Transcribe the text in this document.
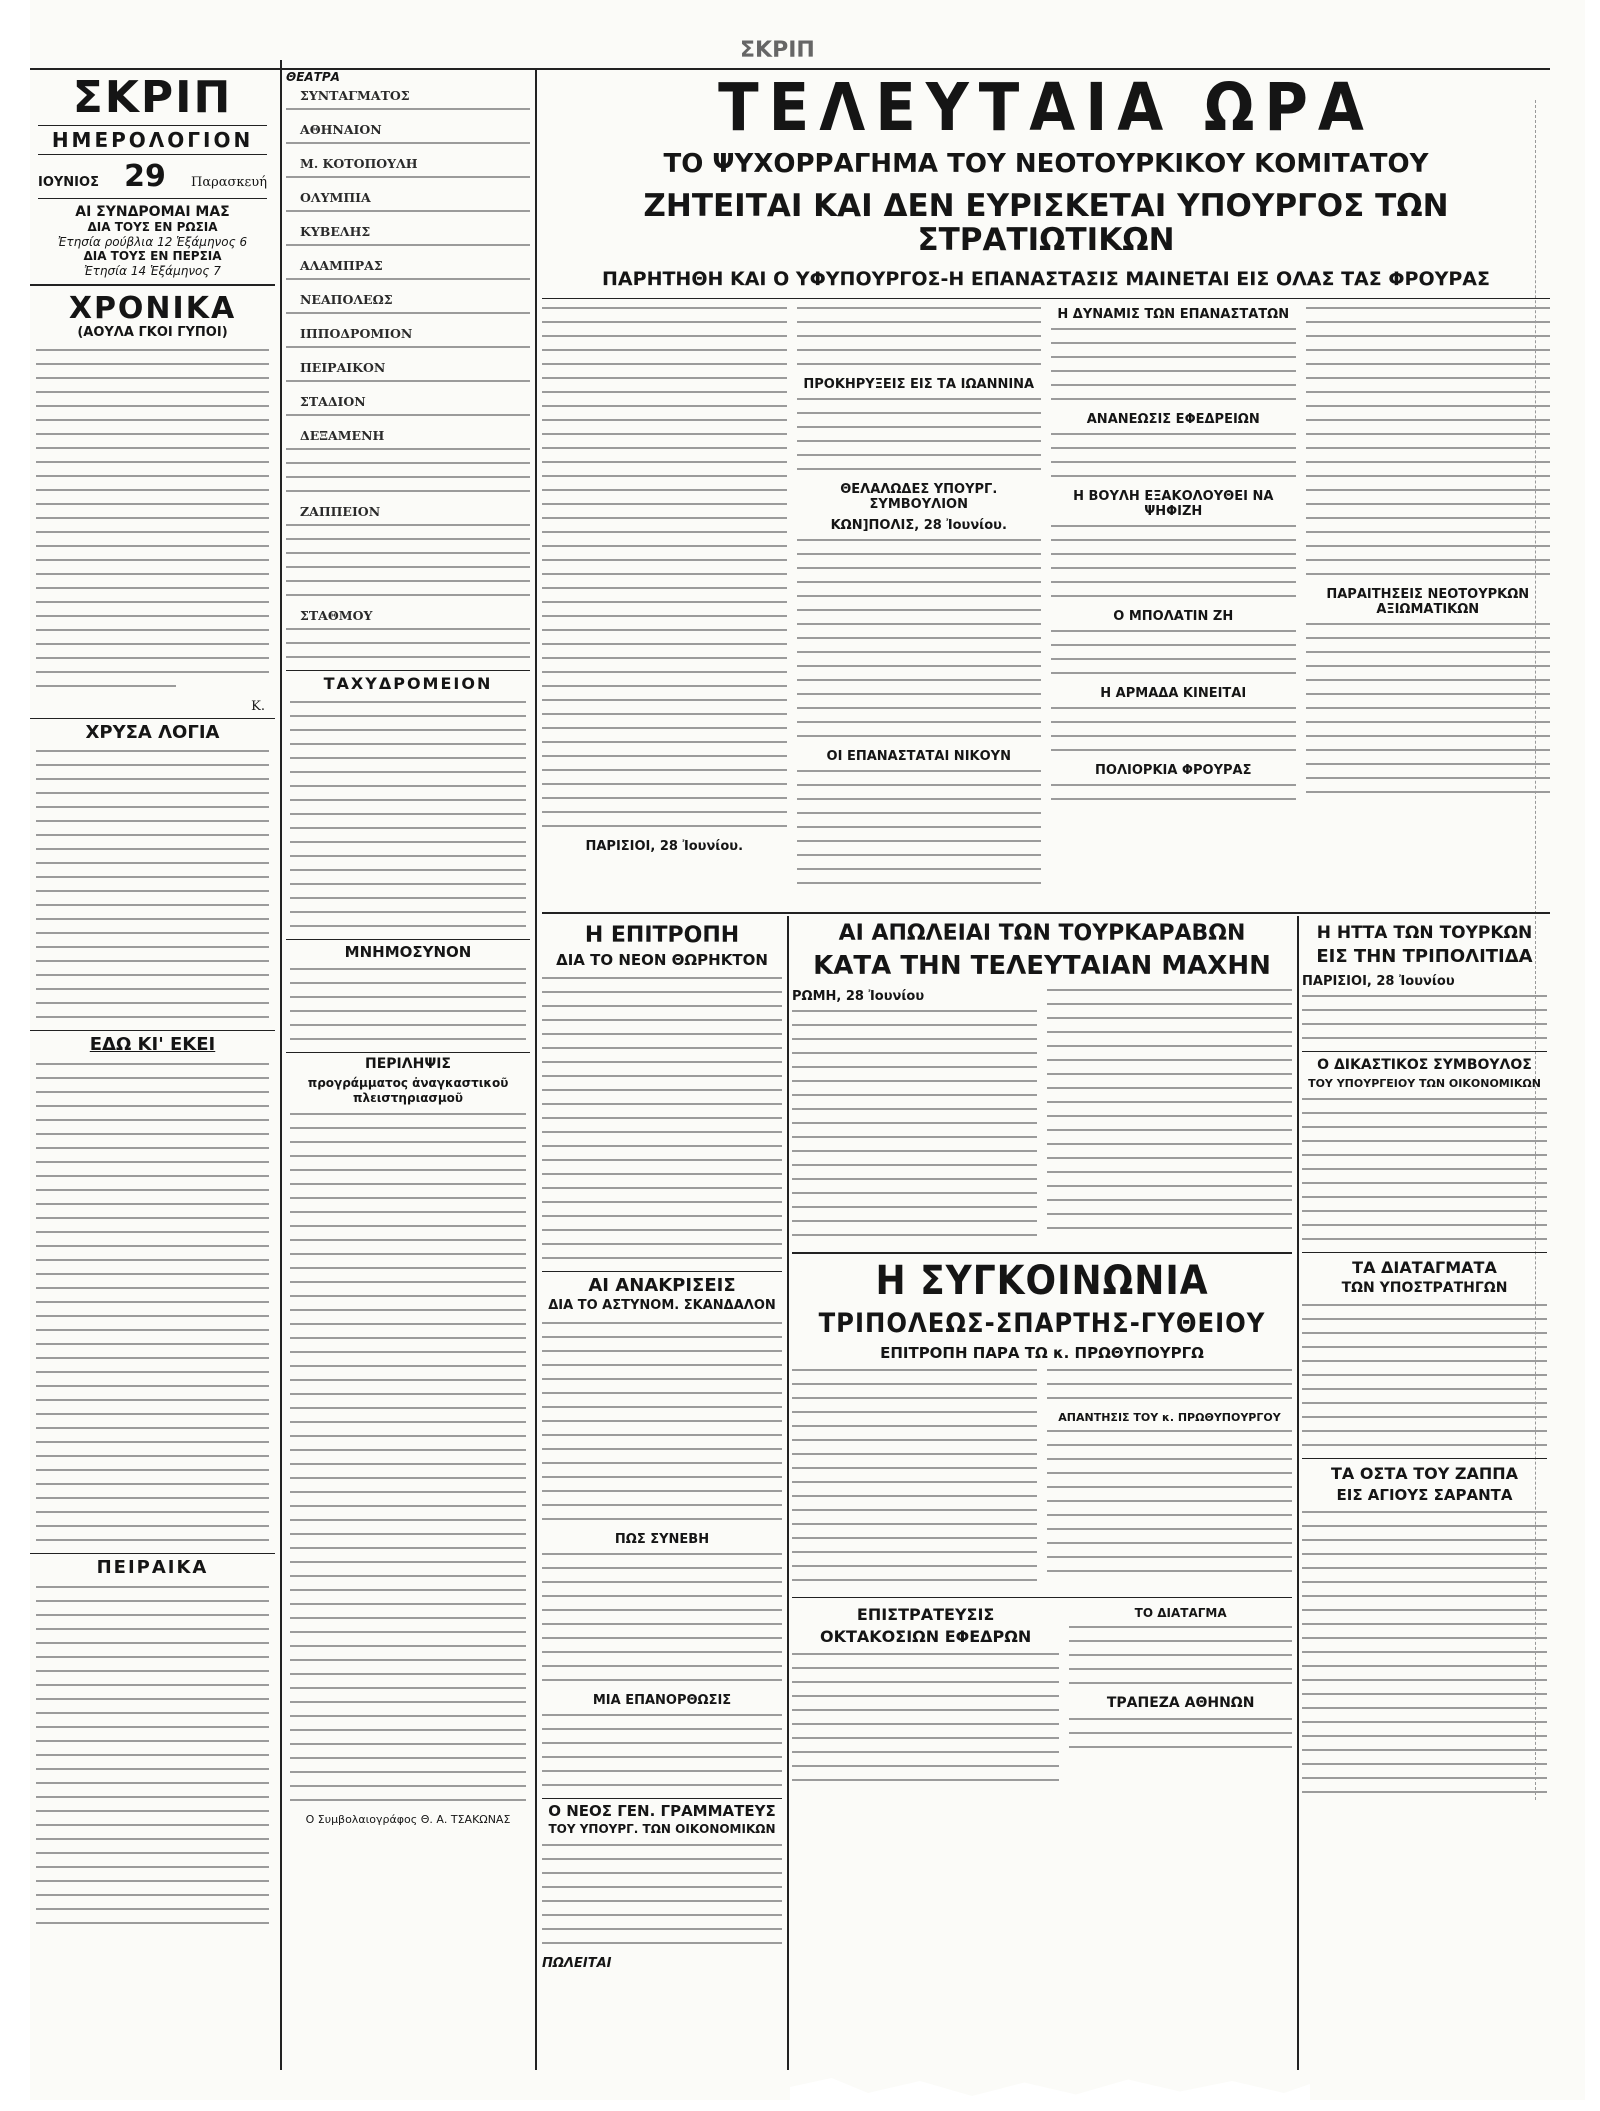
ΣΚΡΙΠ
ΣΚΡΙΠ
ΗΜΕΡΟΛΟΓΙΟΝ
ΙΟΥΝΙΟΣ 29 Παρασκευή
ΑΙ ΣΥΝΔΡΟΜΑΙ ΜΑΣ
ΔΙΑ ΤΟΥΣ ΕΝ ΡΩΣΙΑ
Ἐτησία ρούβλια 12 Ἑξάμηνος 6
ΔΙΑ ΤΟΥΣ ΕΝ ΠΕΡΣΙΑ
Ἐτησία 14 Ἑξάμηνος 7
ΧΡΟΝΙΚΑ
(ΑΟΥΛΑ ΓΚΟΙ ΓΥΠΟΙ)
Κ.
ΧΡΥΣΑ ΛΟΓΙΑ
ΕΔΩ ΚΙ' ΕΚΕΙ
ΠΕΙΡΑΙΚΑ
ΘΕΑΤΡΑ

ΣΥΝΤΑΓΜΑΤΟΣ

ΑΘΗΝΑΙΟΝ

Μ. ΚΟΤΟΠΟΥΛΗ

ΟΛΥΜΠΙΑ

ΚΥΒΕΛΗΣ

ΑΛΑΜΠΡΑΣ

ΝΕΑΠΟΛΕΩΣ

ΙΠΠΟΔΡΟΜΙΟΝ

ΠΕΙΡΑΙΚΟΝ

ΣΤΑΔΙΟΝ

ΔΕΞΑΜΕΝΗ

ΖΑΠΠΕΙΟΝ

ΣΤΑΘΜΟΥ

ΤΑΧΥΔΡΟΜΕΙΟΝ
ΜΝΗΜΟΣΥΝΟΝ
ΠΕΡΙΛΗΨΙΣ
προγράμματος ἀναγκαστικοῦ πλειστηριασμοῦ
Ο Συμβολαιογράφος Θ. Α. ΤΣΑΚΩΝΑΣ
ΤΕΛΕΥΤΑΙΑ ΩΡΑ
ΤΟ ΨΥΧΟΡΡΑΓΗΜΑ ΤΟΥ ΝΕΟΤΟΥΡΚΙΚΟΥ ΚΟΜΙΤΑΤΟΥ
ΖΗΤΕΙΤΑΙ ΚΑΙ ΔΕΝ ΕΥΡΙΣΚΕΤΑΙ ΥΠΟΥΡΓΟΣ ΤΩΝ ΣΤΡΑΤΙΩΤΙΚΩΝ
ΠΑΡΗΤΗΘΗ ΚΑΙ Ο ΥΦΥΠΟΥΡΓΟΣ-Η ΕΠΑΝΑΣΤΑΣΙΣ ΜΑΙΝΕΤΑΙ ΕΙΣ ΟΛΑΣ ΤΑΣ ΦΡΟΥΡΑΣ
ΠΑΡΙΣΙΟΙ, 28 Ἰουνίου.
ΠΡΟΚΗΡΥΞΕΙΣ ΕΙΣ ΤΑ ΙΩΑΝΝΙΝΑ
ΘΕΛΑΛΩΔΕΣ ΥΠΟΥΡΓ. ΣΥΜΒΟΥΛΙΟΝ
ΚΩΝ]ΠΟΛΙΣ, 28 Ἰουνίου.
ΟΙ ΕΠΑΝΑΣΤΑΤΑΙ ΝΙΚΟΥΝ
Η ΔΥΝΑΜΙΣ ΤΩΝ ΕΠΑΝΑΣΤΑΤΩΝ
ΑΝΑΝΕΩΣΙΣ ΕΦΕΔΡΕΙΩΝ
Η ΒΟΥΛΗ ΕΞΑΚΟΛΟΥΘΕΙ ΝΑ ΨΗΦΙΖΗ
Ο ΜΠΟΛΑΤΙΝ ΖΗ
Η ΑΡΜΑΔΑ ΚΙΝΕΙΤΑΙ
ΠΟΛΙΟΡΚΙΑ ΦΡΟΥΡΑΣ
ΠΑΡΑΙΤΗΣΕΙΣ ΝΕΟΤΟΥΡΚΩΝ ΑΞΙΩΜΑΤΙΚΩΝ
Η ΕΠΙΤΡΟΠΗ
ΔΙΑ ΤΟ ΝΕΟΝ ΘΩΡΗΚΤΟΝ
ΑΙ ΑΝΑΚΡΙΣΕΙΣ
ΔΙΑ ΤΟ ΑΣΤΥΝΟΜ. ΣΚΑΝΔΑΛΟΝ
ΠΩΣ ΣΥΝΕΒΗ
ΜΙΑ ΕΠΑΝΟΡΘΩΣΙΣ
Ο ΝΕΟΣ ΓΕΝ. ΓΡΑΜΜΑΤΕΥΣ
ΤΟΥ ΥΠΟΥΡΓ. ΤΩΝ ΟΙΚΟΝΟΜΙΚΩΝ
ΠΩΛΕΙΤΑΙ
ΑΙ ΑΠΩΛΕΙΑΙ ΤΩΝ ΤΟΥΡΚΑΡΑΒΩΝ
ΚΑΤΑ ΤΗΝ ΤΕΛΕΥΤΑΙΑΝ ΜΑΧΗΝ
ΡΩΜΗ, 28 Ἰουνίου
Η ΣΥΓΚΟΙΝΩΝΙΑ
ΤΡΙΠΟΛΕΩΣ-ΣΠΑΡΤΗΣ-ΓΥΘΕΙΟΥ
ΕΠΙΤΡΟΠΗ ΠΑΡΑ ΤΩ κ. ΠΡΩΘΥΠΟΥΡΓΩ
ΑΠΑΝΤΗΣΙΣ ΤΟΥ κ. ΠΡΩΘΥΠΟΥΡΓΟΥ
ΕΠΙΣΤΡΑΤΕΥΣΙΣ
ΟΚΤΑΚΟΣΙΩΝ ΕΦΕΔΡΩΝ
ΤΟ ΔΙΑΤΑΓΜΑ
ΤΡΑΠΕΖΑ ΑΘΗΝΩΝ
Η ΗΤΤΑ ΤΩΝ ΤΟΥΡΚΩΝ
ΕΙΣ ΤΗΝ ΤΡΙΠΟΛΙΤΙΔΑ
ΠΑΡΙΣΙΟΙ, 28 Ἰουνίου
Ο ΔΙΚΑΣΤΙΚΟΣ ΣΥΜΒΟΥΛΟΣ
ΤΟΥ ΥΠΟΥΡΓΕΙΟΥ ΤΩΝ ΟΙΚΟΝΟΜΙΚΩΝ
ΤΑ ΔΙΑΤΑΓΜΑΤΑ
ΤΩΝ ΥΠΟΣΤΡΑΤΗΓΩΝ
ΤΑ ΟΣΤΑ ΤΟΥ ΖΑΠΠΑ
ΕΙΣ ΑΓΙΟΥΣ ΣΑΡΑΝΤΑ
